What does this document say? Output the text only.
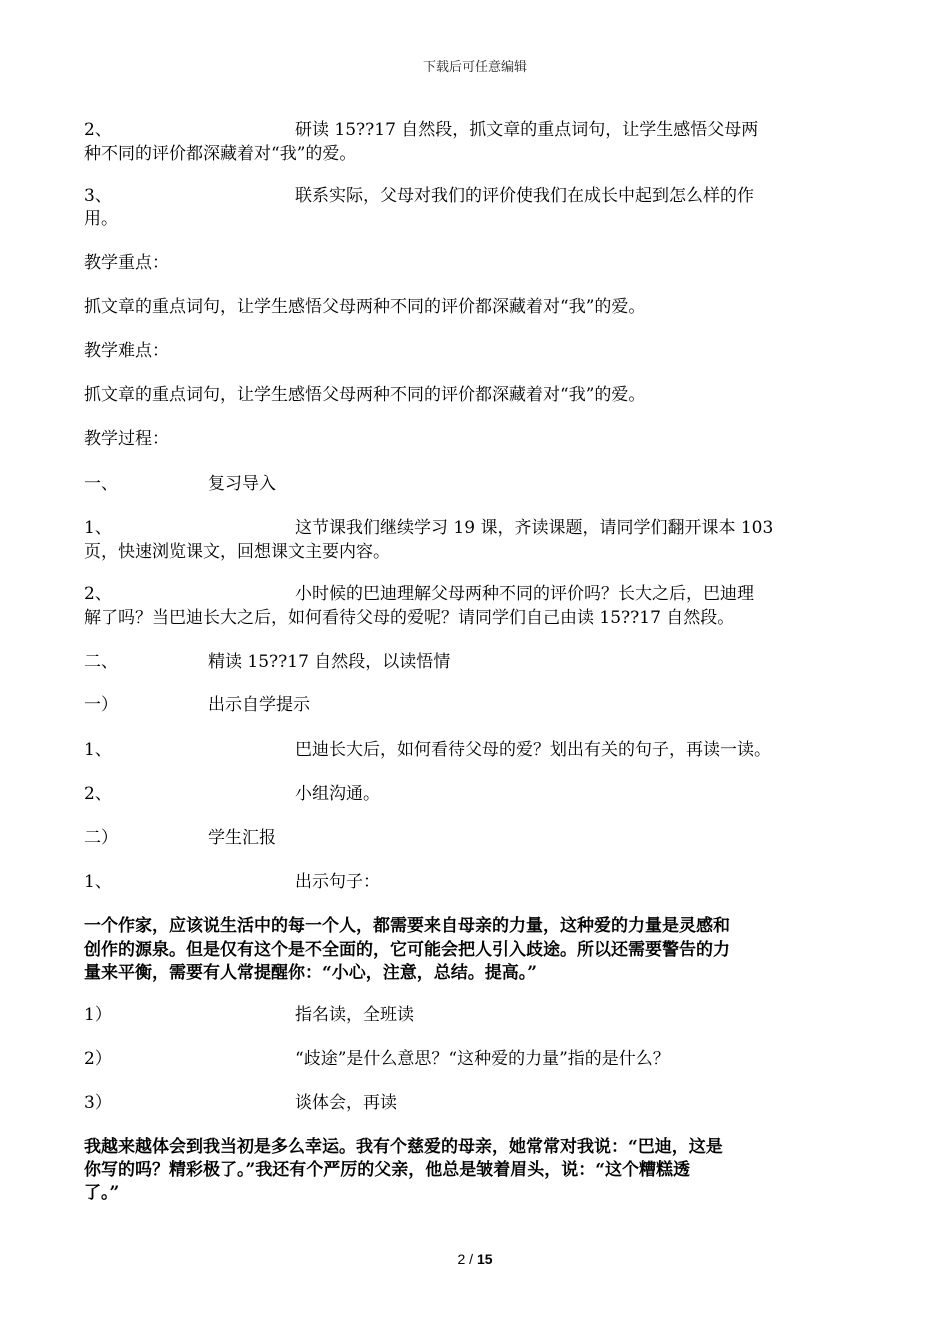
下载后可任意编辑
2、	研读 15??17 自然段，抓文章的重点词句，让学生感悟父母两
种不同的评价都深藏着对“我”的爱。
3、	联系实际，父母对我们的评价使我们在成长中起到怎么样的作
用。
教学重点：
抓文章的重点词句，让学生感悟父母两种不同的评价都深藏着对“我”的爱。
教学难点：
抓文章的重点词句，让学生感悟父母两种不同的评价都深藏着对“我”的爱。
教学过程：
一、	复习导入
1、	这节课我们继续学习 19 课，齐读课题，请同学们翻开课本 103
页，快速浏览课文，回想课文主要内容。
2、	小时候的巴迪理解父母两种不同的评价吗？长大之后，巴迪理
解了吗？当巴迪长大之后，如何看待父母的爱呢？请同学们自己由读 15??17 自然段。
二、	精读 15??17 自然段，以读悟情
一）	出示自学提示
1、	巴迪长大后，如何看待父母的爱？划出有关的句子，再读一读。
2、	小组沟通。
二）	学生汇报
1、	出示句子：
一个作家，应该说生活中的每一个人，都需要来自母亲的力量，这种爱的力量是灵感和
创作的源泉。但是仅有这个是不全面的，它可能会把人引入歧途。所以还需要警告的力
量来平衡，需要有人常提醒你：“小心，注意，总结。提高。”
1）	指名读，全班读
2）	“歧途”是什么意思？“这种爱的力量”指的是什么？
3）	谈体会，再读
我越来越体会到我当初是多么幸运。我有个慈爱的母亲，她常常对我说：“巴迪，这是
你写的吗？精彩极了。”我还有个严厉的父亲，他总是皱着眉头，说：“这个糟糕透
了。”
2 / 15
